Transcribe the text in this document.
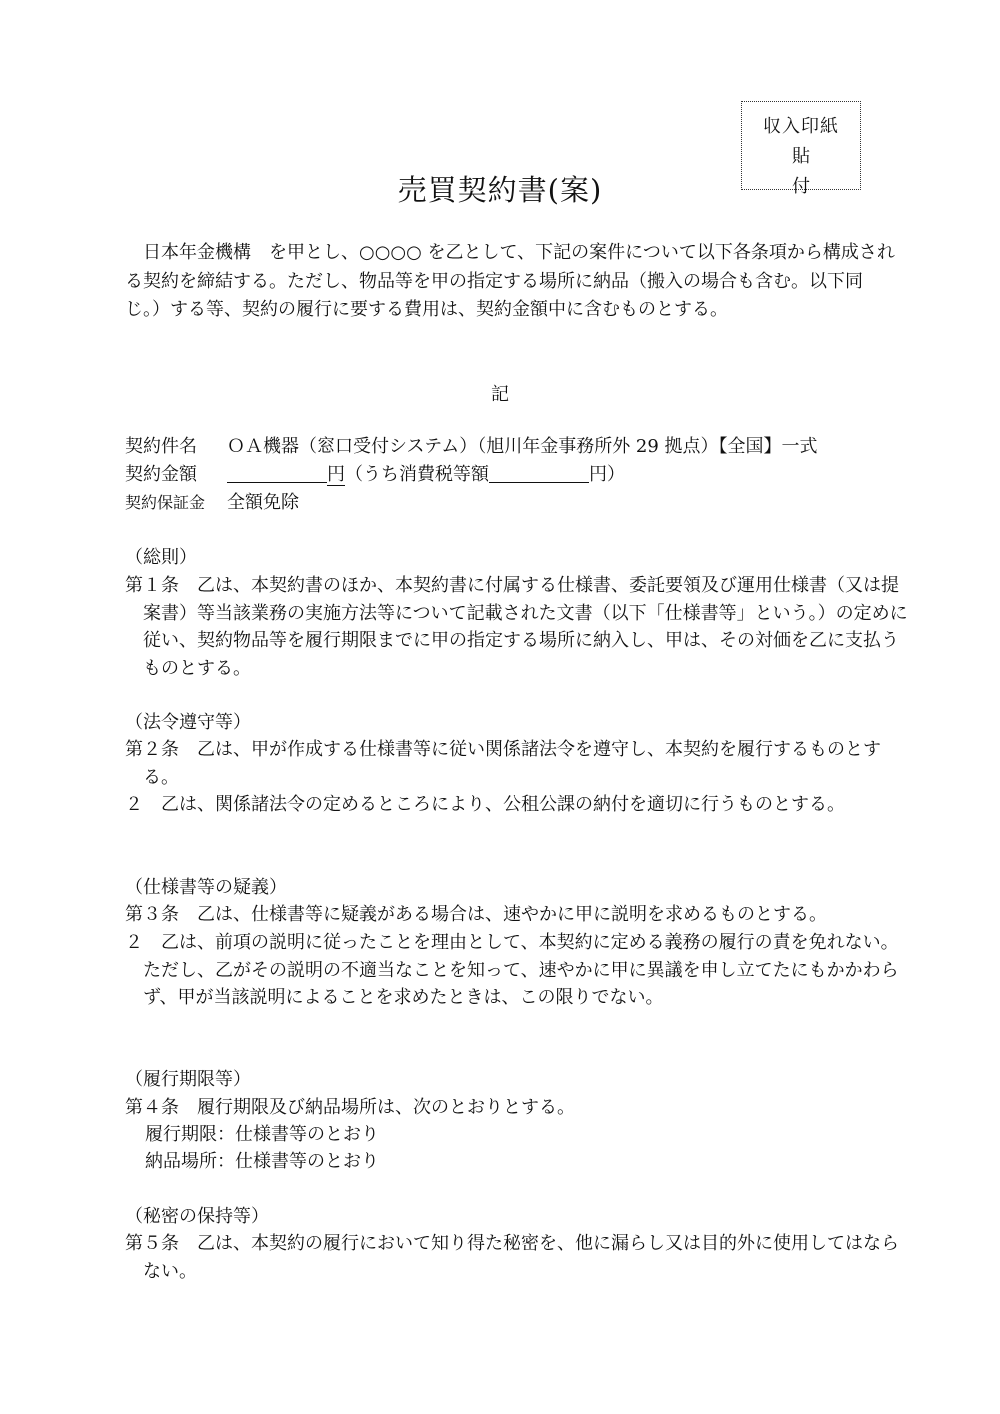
収入印紙
貼付
売買契約書(案)

日本年金機構　を甲とし、○○○○ を乙として、下記の案件について以下各条項から構成される契約を締結する。ただし、物品等を甲の指定する場所に納品（搬入の場合も含む。以下同じ。）する等、契約の履行に要する費用は、契約金額中に含むものとする。

記
契約件名 ＯＡ機器（窓口受付システム）（旭川年金事務所外 29 拠点）【全国】一式
契約金額	円（うち消費税等額	円）
契約保証金 全額免除
（総則）

第１条　乙は、本契約書のほか、本契約書に付属する仕様書、委託要領及び運用仕様書（又は提案書）等当該業務の実施方法等について記載された文書（以下「仕様書等」という。）の定めに従い、契約物品等を履行期限までに甲の指定する場所に納入し、甲は、その対価を乙に支払うものとする。

（法令遵守等）

第２条　乙は、甲が作成する仕様書等に従い関係諸法令を遵守し、本契約を履行するものとする。

２　乙は、関係諸法令の定めるところにより、公租公課の納付を適切に行うものとする。

（仕様書等の疑義）

第３条　乙は、仕様書等に疑義がある場合は、速やかに甲に説明を求めるものとする。

２　乙は、前項の説明に従ったことを理由として、本契約に定める義務の履行の責を免れない。ただし、乙がその説明の不適当なことを知って、速やかに甲に異議を申し立てたにもかかわらず、甲が当該説明によることを求めたときは、この限りでない。

（履行期限等）

第４条　履行期限及び納品場所は、次のとおりとする。

履行期限：仕様書等のとおり
納品場所：仕様書等のとおり
（秘密の保持等）

第５条　乙は、本契約の履行において知り得た秘密を、他に漏らし又は目的外に使用してはならない。
